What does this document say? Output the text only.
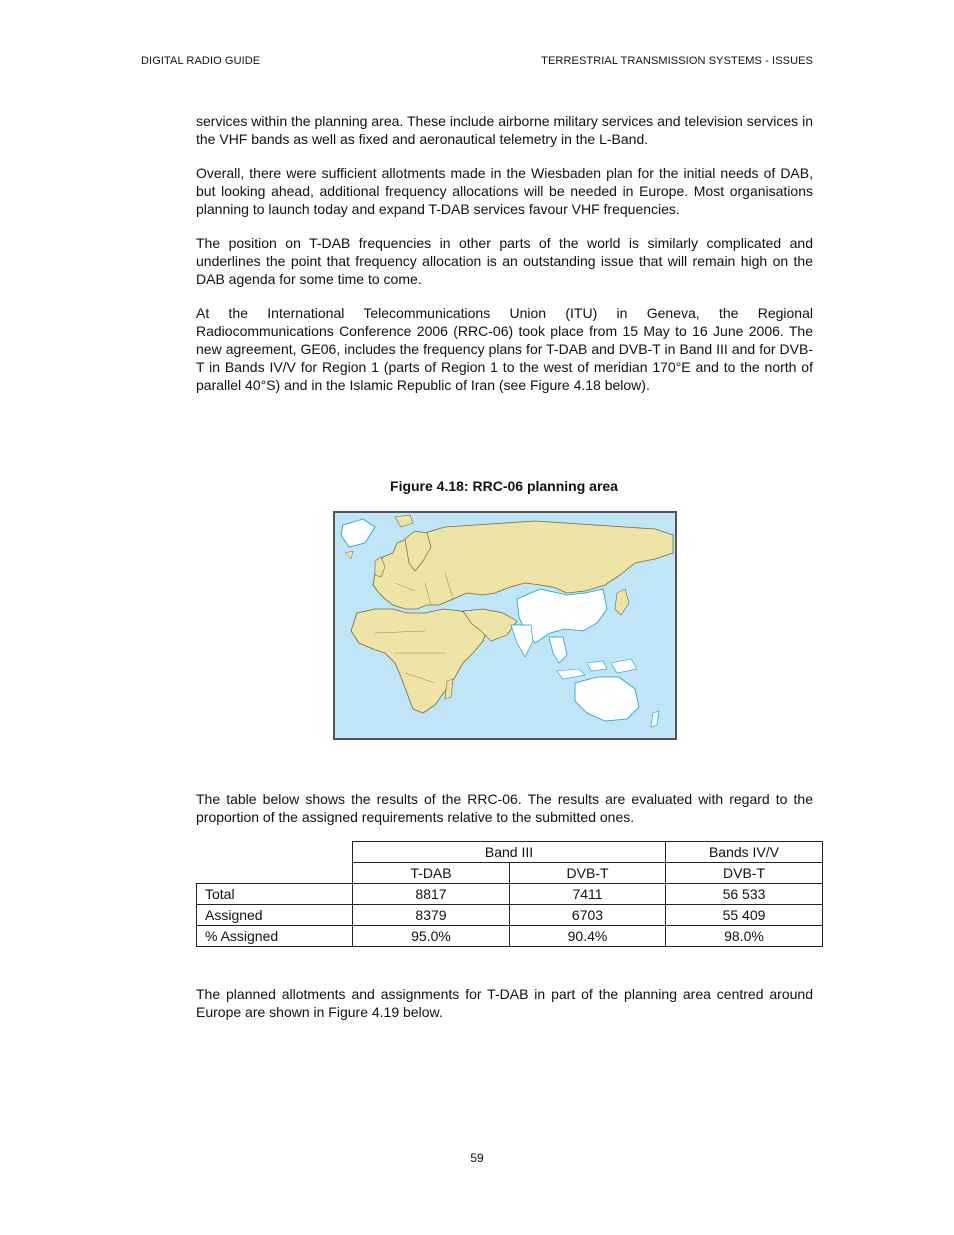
DIGITAL RADIO GUIDE	TERRESTRIAL TRANSMISSION SYSTEMS - ISSUES

services within the planning area. These include airborne military services and television services in the VHF bands as well as fixed and aeronautical telemetry in the L-Band.

Overall, there were sufficient allotments made in the Wiesbaden plan for the initial needs of DAB, but looking ahead, additional frequency allocations will be needed in Europe. Most organisations planning to launch today and expand T-DAB services favour VHF frequencies.

The position on T-DAB frequencies in other parts of the world is similarly complicated and underlines the point that frequency allocation is an outstanding issue that will remain high on the DAB agenda for some time to come.

At the International Telecommunications Union (ITU) in Geneva, the Regional Radiocommunications Conference 2006 (RRC-06) took place from 15 May to 16 June 2006. The new agreement, GE06, includes the frequency plans for T-DAB and DVB-T in Band III and for DVB-T in Bands IV/V for Region 1 (parts of Region 1 to the west of meridian 170°E and to the north of parallel 40°S) and in the Islamic Republic of Iran (see Figure 4.18 below).

Figure 4.18: RRC-06 planning area

The table below shows the results of the RRC-06. The results are evaluated with regard to the proportion of the assigned requirements relative to the submitted ones.

	Band III		Bands IV/V
	T-DAB	DVB-T	DVB-T
Total	8817	7411	56 533
Assigned	8379	6703	55 409
% Assigned	95.0%	90.4%	98.0%

The planned allotments and assignments for T-DAB in part of the planning area centred around Europe are shown in Figure 4.19 below.

59
